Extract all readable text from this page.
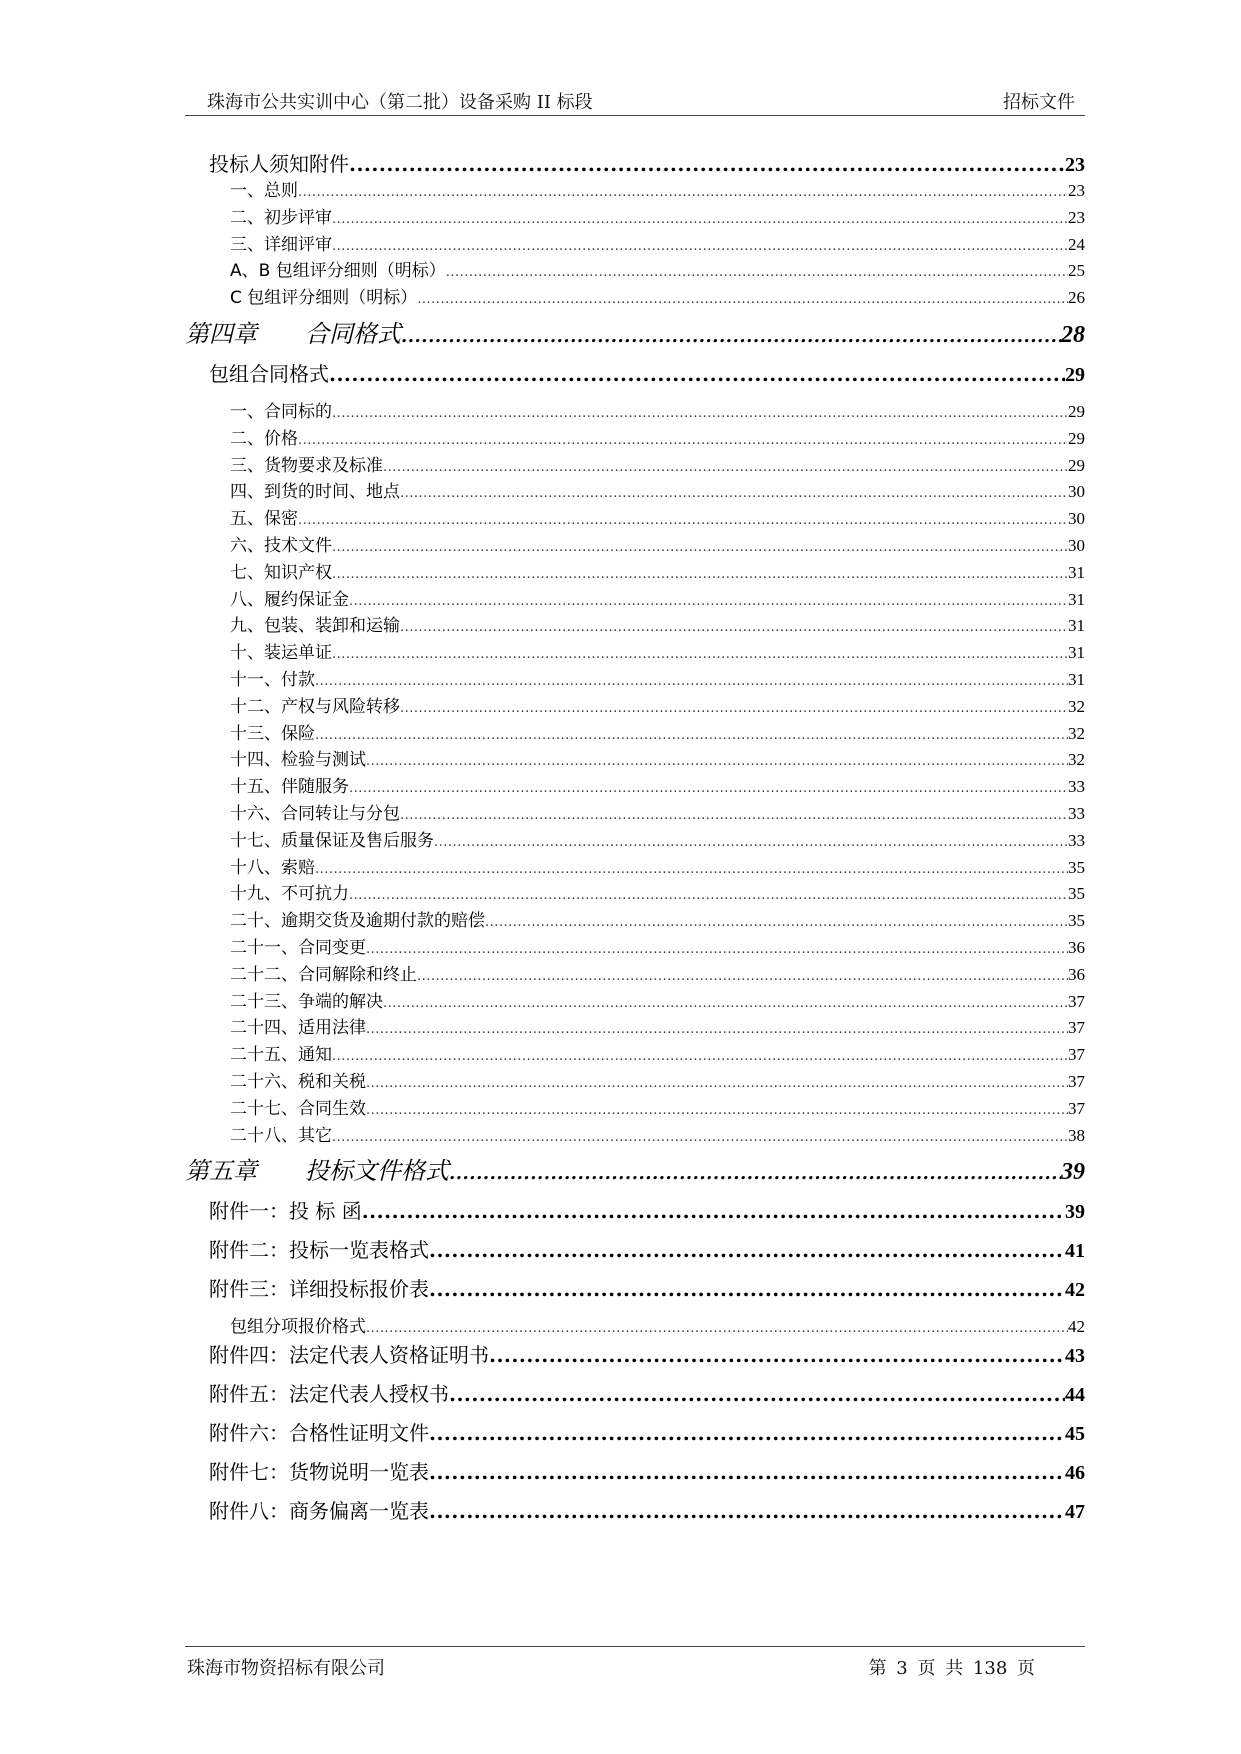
珠海市公共实训中心（第二批）设备采购 II 标段	招标文件
投标人须知附件 .....	23
一、总则 .....	23
二、初步评审 .....	23
三、详细评审 .....	24
A、B 包组评分细则（明标） .....	25
C 包组评分细则（明标） .....	26
第四章 合同格式 .....	28
包组合同格式 .....	29
一、合同标的 .....	29
二、价格 .....	29
三、货物要求及标准 .....	29
四、到货的时间、地点 .....	30
五、保密 .....	30
六、技术文件 .....	30
七、知识产权 .....	31
八、履约保证金 .....	31
九、包装、装卸和运输 .....	31
十、装运单证 .....	31
十一、付款 .....	31
十二、产权与风险转移 .....	32
十三、保险 .....	32
十四、检验与测试 .....	32
十五、伴随服务 .....	33
十六、合同转让与分包 .....	33
十七、质量保证及售后服务 .....	33
十八、索赔 .....	35
十九、不可抗力 .....	35
二十、逾期交货及逾期付款的赔偿 .....	35
二十一、合同变更 .....	36
二十二、合同解除和终止 .....	36
二十三、争端的解决 .....	37
二十四、适用法律 .....	37
二十五、通知 .....	37
二十六、税和关税 .....	37
二十七、合同生效 .....	37
二十八、其它 .....	38
第五章 投标文件格式 .....	39
附件一：投 标 函 .....	39
附件二：投标一览表格式 .....	41
附件三：详细投标报价表 .....	42
包组分项报价格式 .....	42
附件四：法定代表人资格证明书 .....	43
附件五：法定代表人授权书 .....	44
附件六：合格性证明文件 .....	45
附件七：货物说明一览表 .....	46
附件八：商务偏离一览表 .....	47
珠海市物资招标有限公司	第 3 页 共 138 页
